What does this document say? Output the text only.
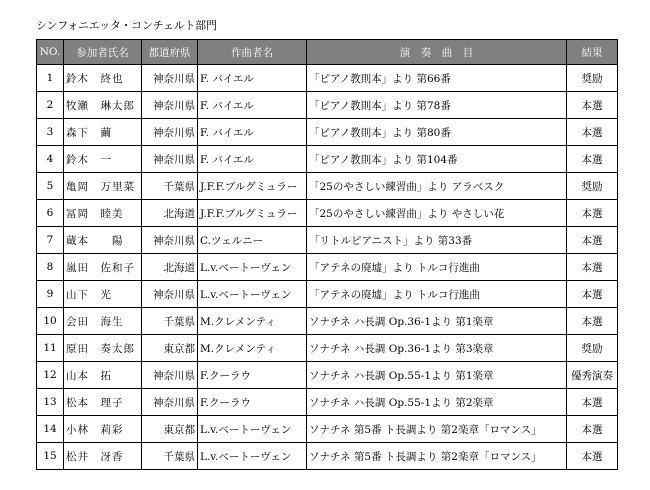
シンフォニエッタ・コンチェルト部門
NO.	参加者氏名	都道府県	作曲者名	演　奏　曲　目	結果
1	鈴木　終也	神奈川県	F. バイエル	「ピアノ教則本」より 第66番	奨励
2	牧瀬　琳太郎	神奈川県	F. バイエル	「ピアノ教則本」より 第78番	本選
3	森下　繭	神奈川県	F. バイエル	「ピアノ教則本」より 第80番	本選
4	鈴木　一	神奈川県	F. バイエル	「ピアノ教則本」より 第104番	本選
5	亀岡　万里菜	千葉県	J.F.F.ブルグミュラー	「25のやさしい練習曲」より アラベスク	奨励
6	冨岡　睦美	北海道	J.F.F.ブルグミュラー	「25のやさしい練習曲」より やさしい花	本選
7	蔵本　　陽	神奈川県	C.ツェルニー	「リトルピアニスト」より 第33番	本選
8	嵐田　佐和子	北海道	L.v.ベートーヴェン	「アテネの廃墟」より トルコ行進曲	本選
9	山下　光	神奈川県	L.v.ベートーヴェン	「アテネの廃墟」より トルコ行進曲	本選
10	会田　海生	千葉県	M.クレメンティ	ソナチネ ハ長調 Op.36-1より 第1楽章	本選
11	原田　奏太郎	東京都	M.クレメンティ	ソナチネ ハ長調 Op.36-1より 第3楽章	奨励
12	山本　拓	神奈川県	F.クーラウ	ソナチネ ハ長調 Op.55-1より 第1楽章	優秀演奏
13	松本　理子	神奈川県	F.クーラウ	ソナチネ ハ長調 Op.55-1より 第2楽章	本選
14	小林　莉彩	東京都	L.v.ベートーヴェン	ソナチネ 第5番 ト長調より 第2楽章「ロマンス」	本選
15	松井　冴香	千葉県	L.v.ベートーヴェン	ソナチネ 第5番 ト長調より 第2楽章「ロマンス」	本選
